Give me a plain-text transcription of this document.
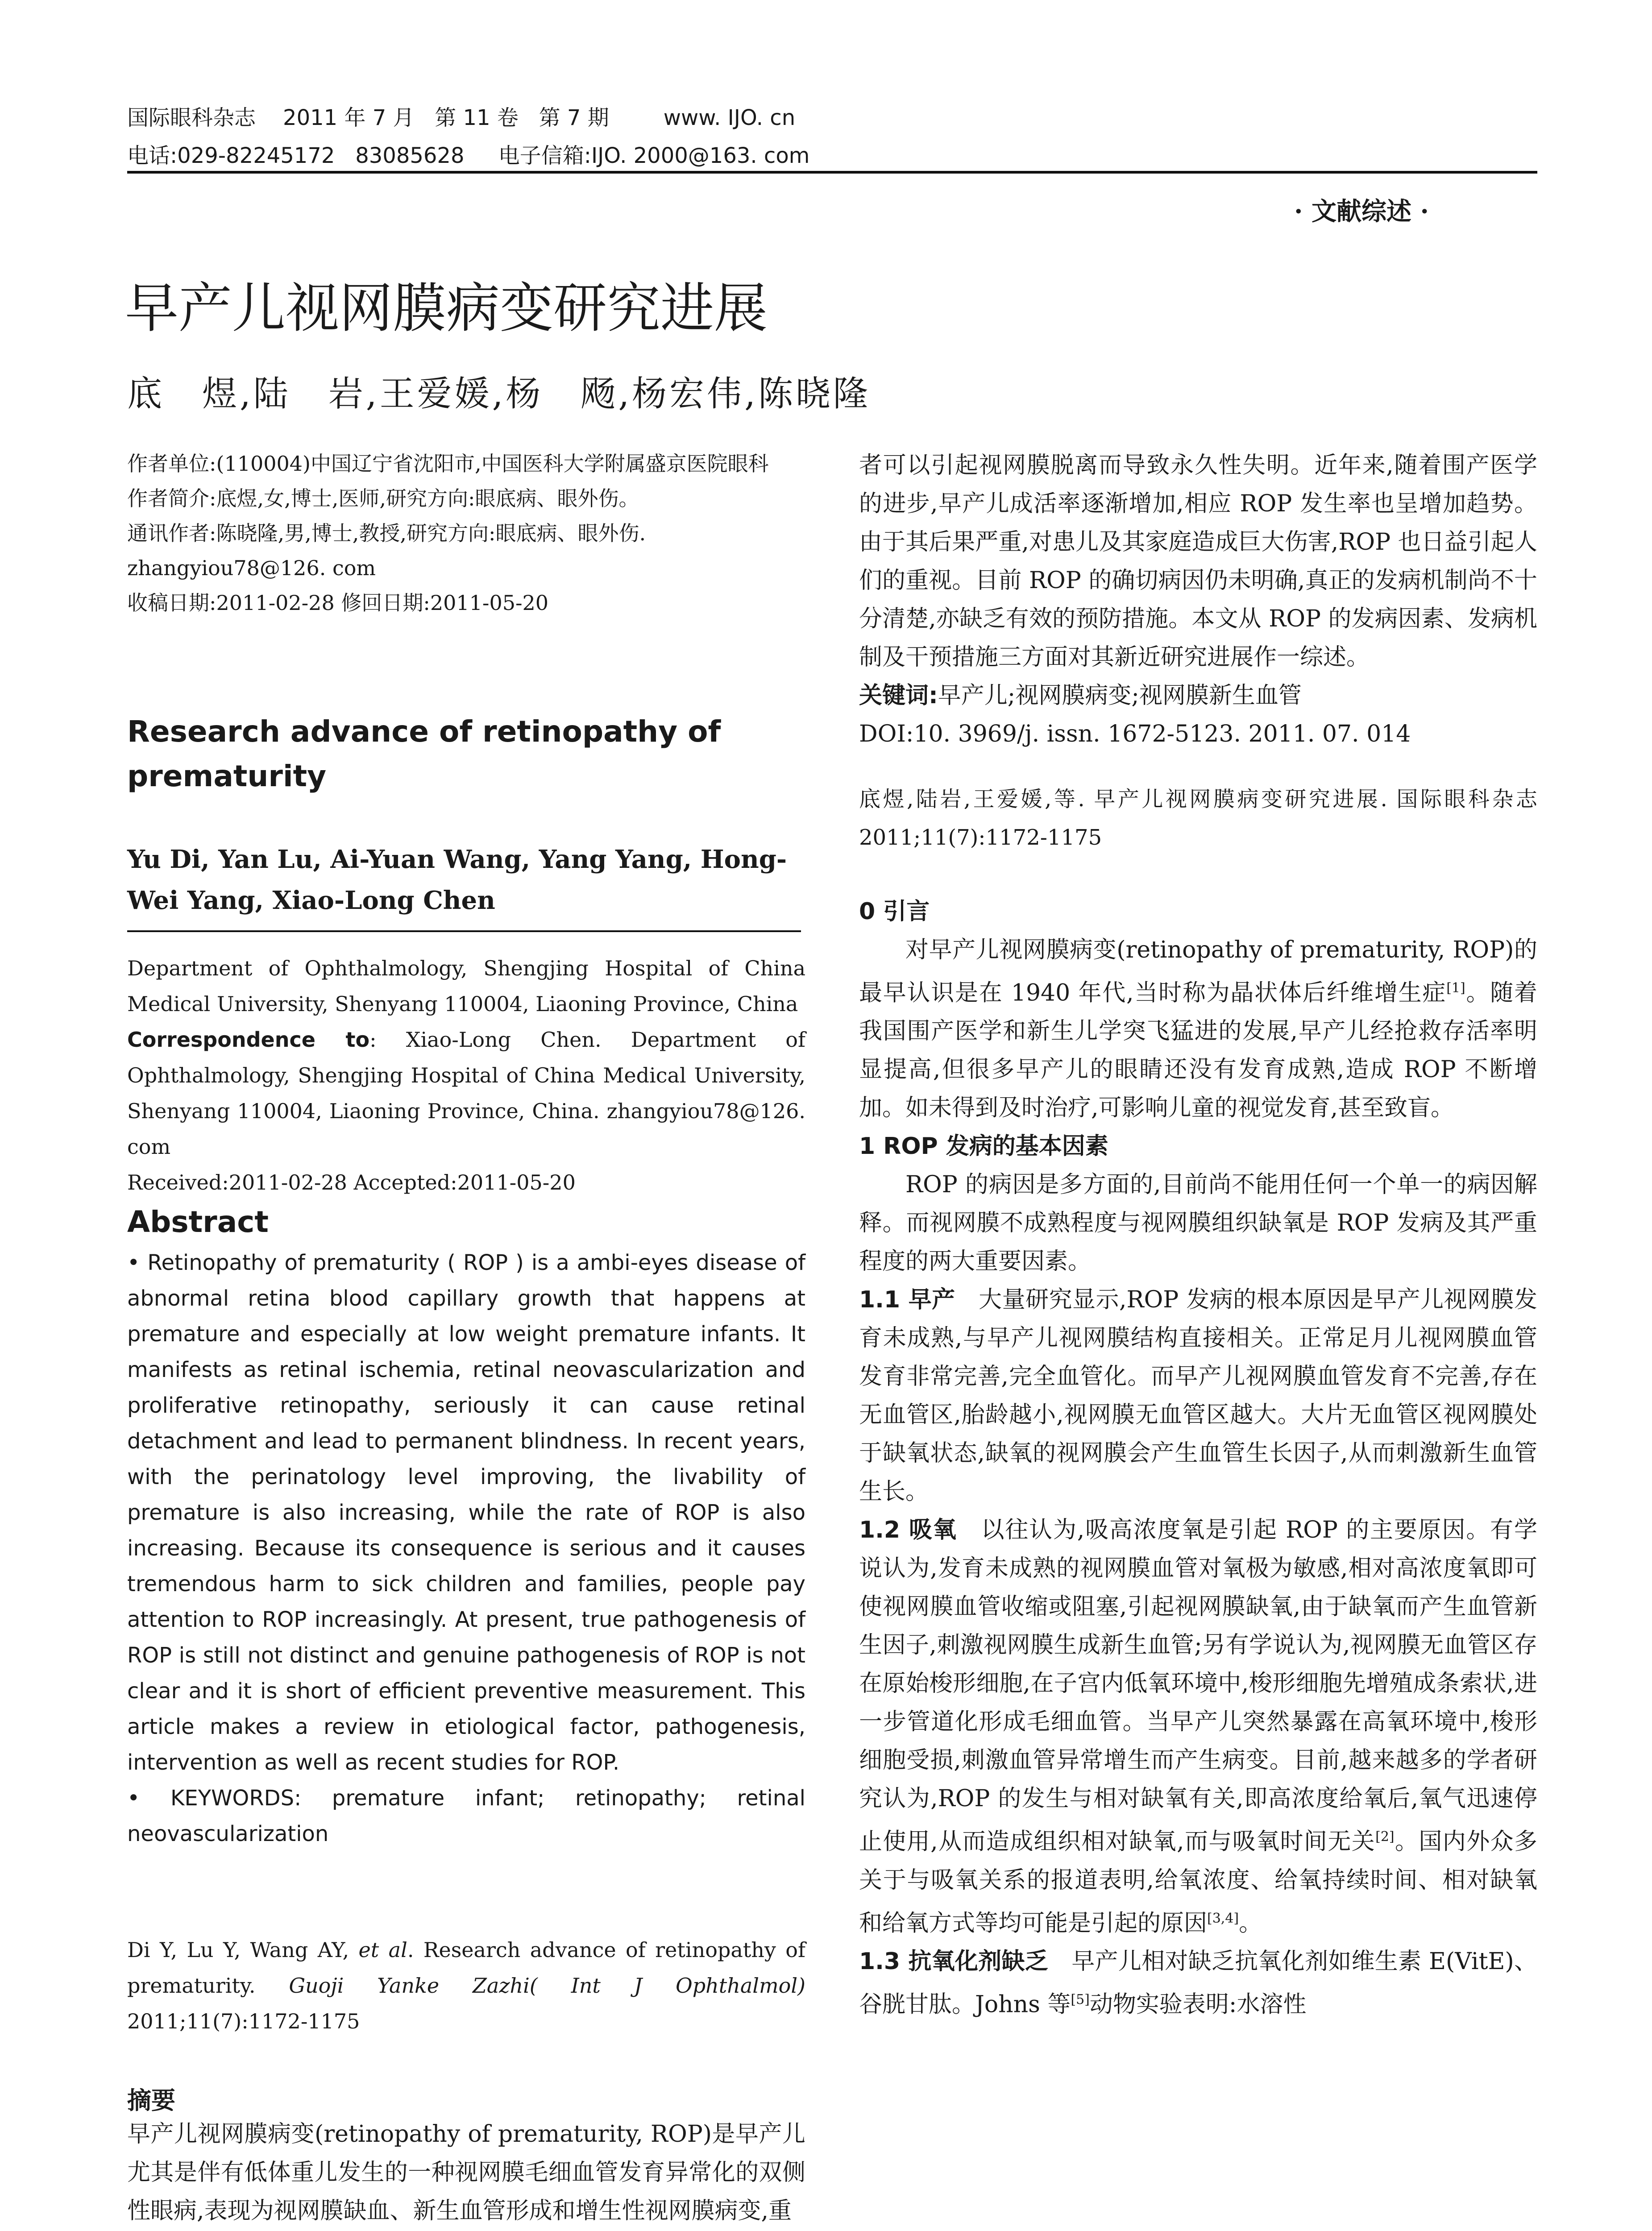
国际眼科杂志    2011 年 7 月   第 11 卷   第 7 期        www. IJO. cn
电话:029-82245172   83085628     电子信箱:IJO. 2000@163. com
· 文献综述 ·
早产儿视网膜病变研究进展
底　煜,陆　岩,王爱媛,杨　飏,杨宏伟,陈晓隆

作者单位:(110004)中国辽宁省沈阳市,中国医科大学附属盛京医院眼科

作者简介:底煜,女,博士,医师,研究方向:眼底病、眼外伤。

通讯作者:陈晓隆,男,博士,教授,研究方向:眼底病、眼外伤. zhangyiou78@126. com

收稿日期:2011-02-28 修回日期:2011-05-20

Research advance of retinopathy of prematurity
Yu Di, Yan Lu, Ai-Yuan Wang, Yang Yang, Hong-Wei Yang, Xiao-Long Chen
Department of Ophthalmology, Shengjing Hospital of China Medical University, Shenyang 110004, Liaoning Province, China
Correspondence to: Xiao-Long Chen. Department of Ophthalmology, Shengjing Hospital of China Medical University, Shenyang 110004, Liaoning Province, China. zhangyiou78@126. com
Received:2011-02-28 Accepted:2011-05-20
Abstract

• Retinopathy of prematurity ( ROP ) is a ambi-eyes disease of abnormal retina blood capillary growth that happens at premature and especially at low weight premature infants. It manifests as retinal ischemia, retinal neovascularization and proliferative retinopathy, seriously it can cause retinal detachment and lead to permanent blindness. In recent years, with the perinatology level improving, the livability of premature is also increasing, while the rate of ROP is also increasing. Because its consequence is serious and it causes tremendous harm to sick children and families, people pay attention to ROP increasingly. At present, true pathogenesis of ROP is still not distinct and genuine pathogenesis of ROP is not clear and it is short of efficient preventive measurement. This article makes a review in etiological factor, pathogenesis, intervention as well as recent studies for ROP.

• KEYWORDS: premature infant; retinopathy; retinal neovascularization

Di Y, Lu Y, Wang AY, et al. Research advance of retinopathy of prematurity. Guoji Yanke Zazhi( Int J Ophthalmol) 2011;11(7):1172-1175
摘要

早产儿视网膜病变(retinopathy of prematurity, ROP)是早产儿尤其是伴有低体重儿发生的一种视网膜毛细血管发育异常化的双侧性眼病,表现为视网膜缺血、新生血管形成和增生性视网膜病变,重

关键词:早产儿;视网膜病变;视网膜新生血管

DOI:10. 3969/j. issn. 1672-5123. 2011. 07. 014

底煜,陆岩,王爱媛,等. 早产儿视网膜病变研究进展. 国际眼科杂志 2011;11(7):1172-1175

0 引言

对早产儿视网膜病变(retinopathy of prematurity, ROP)的最早认识是在 1940 年代,当时称为晶状体后纤维增生症[1]。随着我国围产医学和新生儿学突飞猛进的发展,早产儿经抢救存活率明显提高,但很多早产儿的眼睛还没有发育成熟,造成 ROP 不断增加。如未得到及时治疗,可影响儿童的视觉发育,甚至致盲。

1 ROP 发病的基本因素

ROP 的病因是多方面的,目前尚不能用任何一个单一的病因解释。而视网膜不成熟程度与视网膜组织缺氧是 ROP 发病及其严重程度的两大重要因素。

1.1 早产　 大量研究显示,ROP 发病的根本原因是早产儿视网膜发育未成熟,与早产儿视网膜结构直接相关。正常足月儿视网膜血管发育非常完善,完全血管化。而早产儿视网膜血管发育不完善,存在无血管区,胎龄越小,视网膜无血管区越大。大片无血管区视网膜处于缺氧状态,缺氧的视网膜会产生血管生长因子,从而刺激新生血管生长。

1.2 吸氧　 以往认为,吸高浓度氧是引起 ROP 的主要原因。有学说认为,发育未成熟的视网膜血管对氧极为敏感,相对高浓度氧即可使视网膜血管收缩或阻塞,引起视网膜缺氧,由于缺氧而产生血管新生因子,刺激视网膜生成新生血管;另有学说认为,视网膜无血管区存在原始梭形细胞,在子宫内低氧环境中,梭形细胞先增殖成条索状,进一步管道化形成毛细血管。当早产儿突然暴露在高氧环境中,梭形细胞受损,刺激血管异常增生而产生病变。目前,越来越多的学者研究认为,ROP 的发生与相对缺氧有关,即高浓度给氧后,氧气迅速停止使用,从而造成组织相对缺氧,而与吸氧时间无关[2]。国内外众多关于与吸氧关系的报道表明,给氧浓度、给氧持续时间、相对缺氧和给氧方式等均可能是引起的原因[3,4]。

1.3 抗氧化剂缺乏　 早产儿相对缺乏抗氧化剂如维生素 E(VitE)、谷胱甘肽。Johns 等[5]动物实验表明:水溶性

者可以引起视网膜脱离而导致永久性失明。近年来,随着围产医学的进步,早产儿成活率逐渐增加,相应 ROP 发生率也呈增加趋势。由于其后果严重,对患儿及其家庭造成巨大伤害,ROP 也日益引起人们的重视。目前 ROP 的确切病因仍未明确,真正的发病机制尚不十分清楚,亦缺乏有效的预防措施。本文从 ROP 的发病因素、发病机制及干预措施三方面对其新近研究进展作一综述。
